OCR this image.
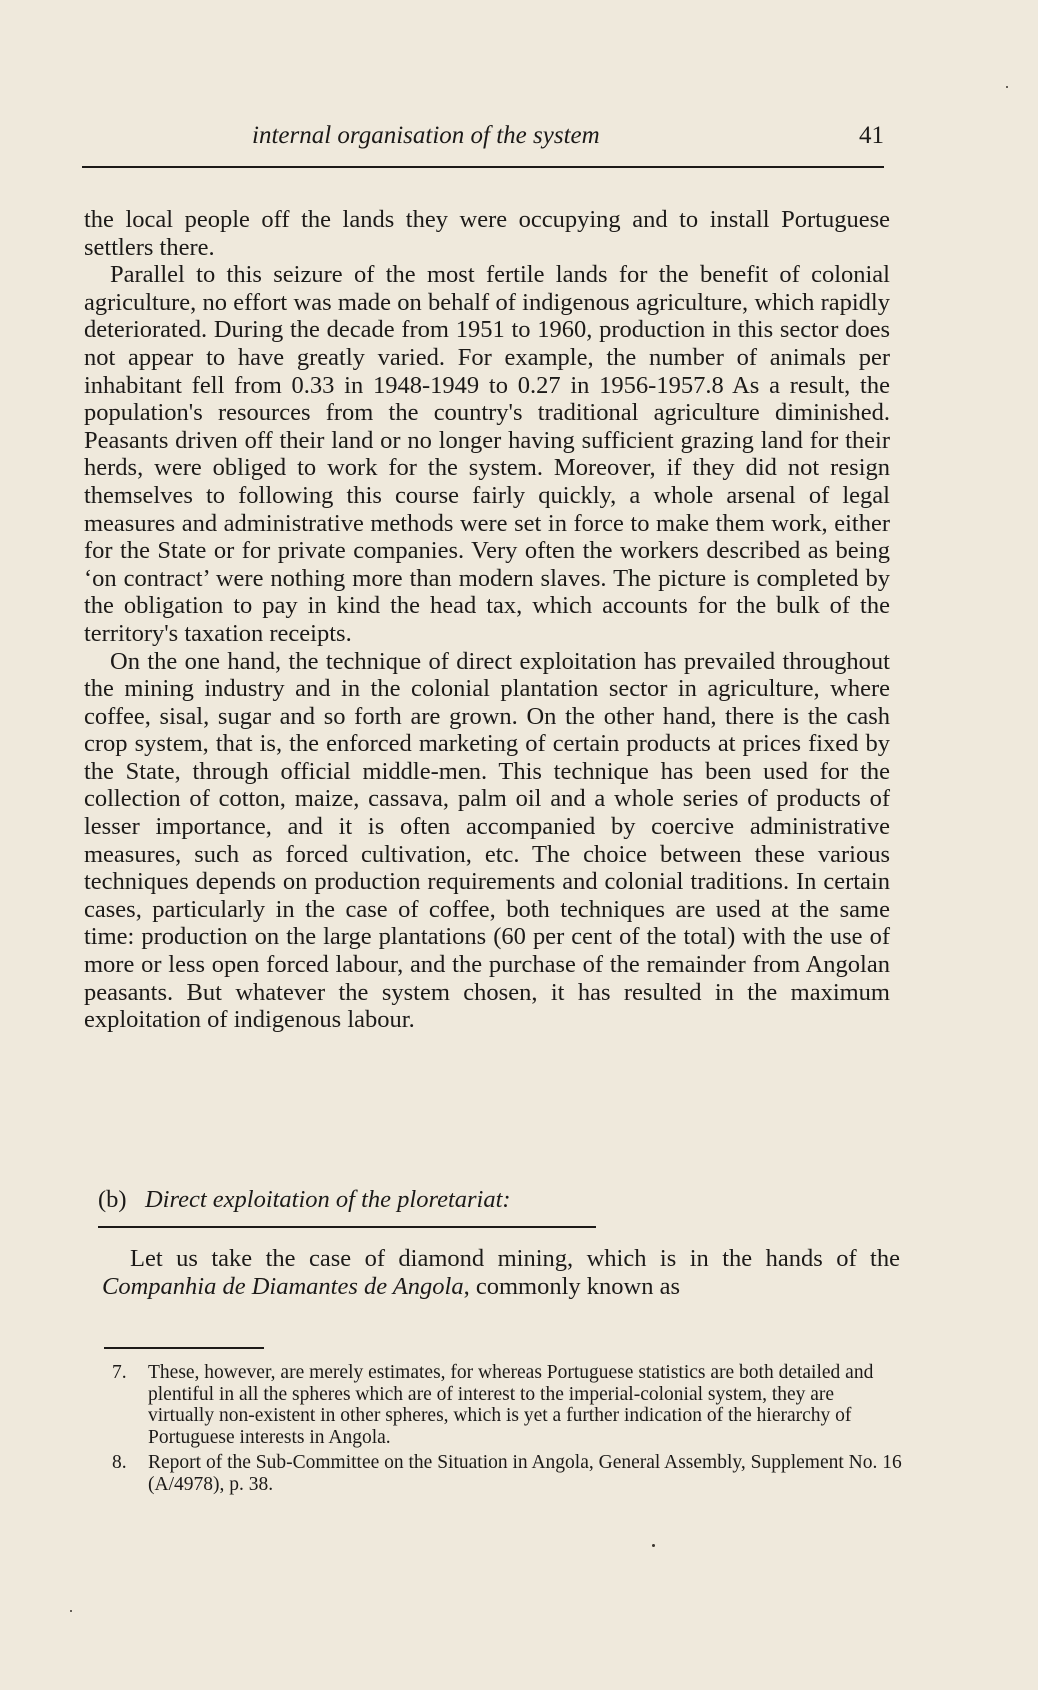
internal organisation of the system	41

the local people off the lands they were occupying and to install Portuguese settlers there.

Parallel to this seizure of the most fertile lands for the benefit of colonial agriculture, no effort was made on behalf of indigenous agriculture, which rapidly deteriorated. During the decade from 1951 to 1960, production in this sector does not appear to have greatly varied. For example, the number of animals per inhabitant fell from 0.33 in 1948-1949 to 0.27 in 1956-1957.8 As a result, the population's resources from the country's traditional agriculture diminished. Peasants driven off their land or no longer having sufficient grazing land for their herds, were obliged to work for the system. Moreover, if they did not resign themselves to following this course fairly quickly, a whole arsenal of legal measures and administrative methods were set in force to make them work, either for the State or for private companies. Very often the workers described as being ‘on contract’ were nothing more than modern slaves. The picture is completed by the obligation to pay in kind the head tax, which accounts for the bulk of the territory's taxation receipts.

On the one hand, the technique of direct exploitation has prevailed throughout the mining industry and in the colonial plantation sector in agriculture, where coffee, sisal, sugar and so forth are grown. On the other hand, there is the cash crop system, that is, the enforced marketing of certain products at prices fixed by the State, through official middle-men. This technique has been used for the collection of cotton, maize, cassava, palm oil and a whole series of products of lesser importance, and it is often accompanied by coercive administrative measures, such as forced cultivation, etc. The choice between these various techniques depends on production requirements and colonial traditions. In certain cases, particularly in the case of coffee, both techniques are used at the same time: production on the large plantations (60 per cent of the total) with the use of more or less open forced labour, and the purchase of the remainder from Angolan peasants. But whatever the system chosen, it has resulted in the maximum exploitation of indigenous labour.

(b) Direct exploitation of the ploretariat:

Let us take the case of diamond mining, which is in the hands of the Companhia de Diamantes de Angola, commonly known as

7.	These, however, are merely estimates, for whereas Portuguese statistics are both detailed and plentiful in all the spheres which are of interest to the imperial-colonial system, they are virtually non-existent in other spheres, which is yet a further indication of the hierarchy of Portuguese interests in Angola.
8.	Report of the Sub-Committee on the Situation in Angola, General Assembly, Supplement No. 16 (A/4978), p. 38.
